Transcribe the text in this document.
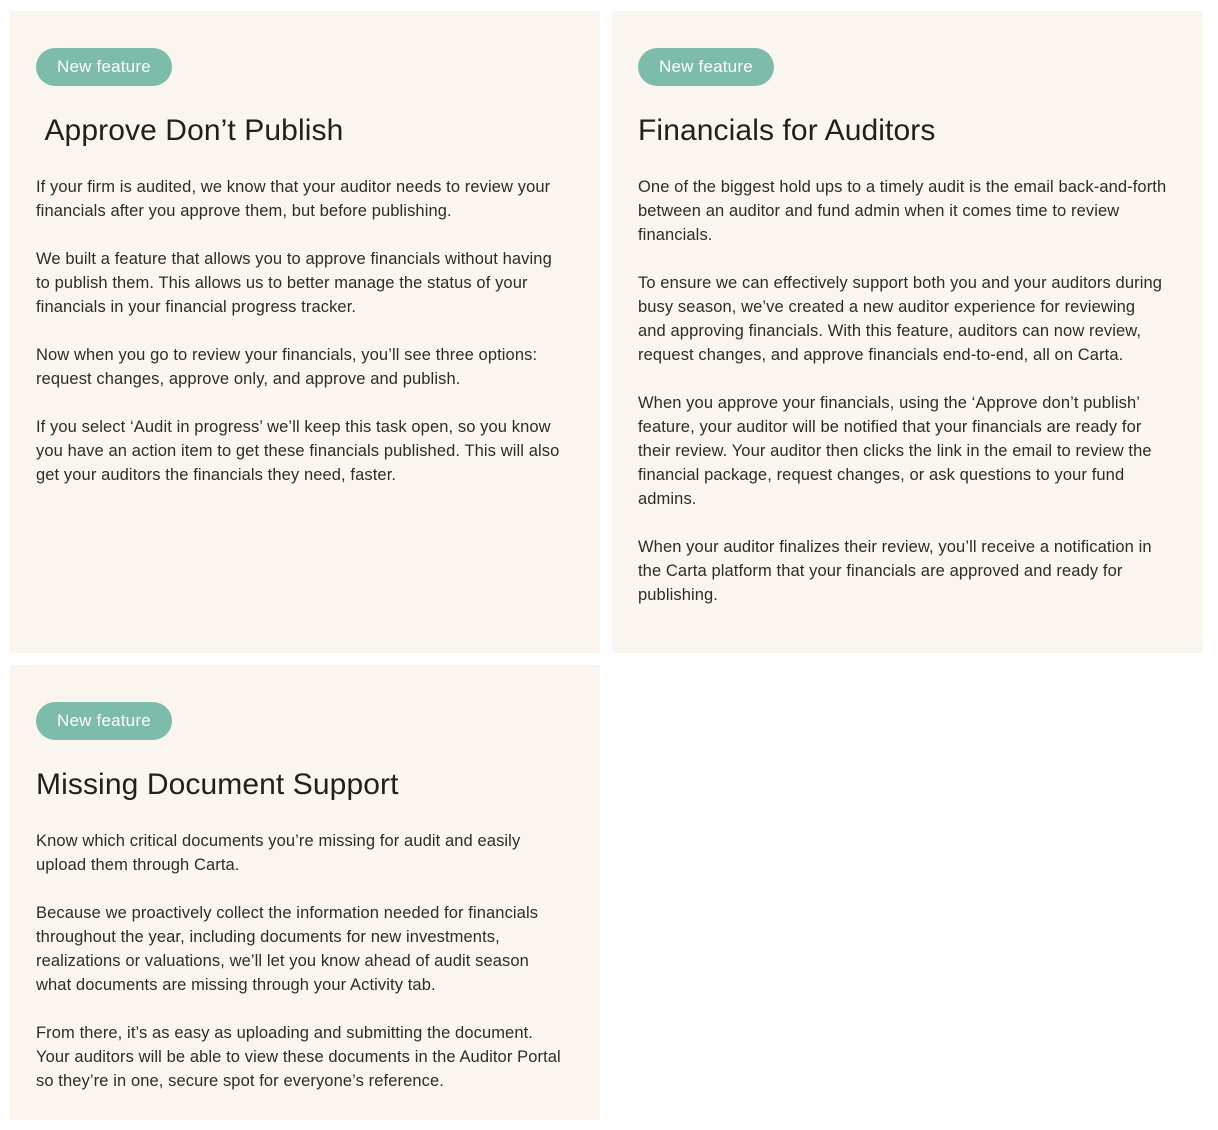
New feature
Approve Don’t Publish

If your firm is audited, we know that your auditor needs to review your financials after you approve them, but before publishing.

We built a feature that allows you to approve financials without having to publish them. This allows us to better manage the status of your financials in your financial progress tracker.

Now when you go to review your financials, you’ll see three options: request changes, approve only, and approve and publish.

If you select ‘Audit in progress’ we’ll keep this task open, so you know you have an action item to get these financials published. This will also get your auditors the financials they need, faster.

New feature
Financials for Auditors

One of the biggest hold ups to a timely audit is the email back-and-forth between an auditor and fund admin when it comes time to review financials.

To ensure we can effectively support both you and your auditors during busy season, we’ve created a new auditor experience for reviewing  and approving financials. With this feature, auditors can now review, request changes, and approve financials end-to-end, all on Carta.

When you approve your financials, using the ‘Approve don’t publish’ feature, your auditor will be notified that your financials are ready for their review. Your auditor then clicks the link in the email to review the financial package, request changes, or ask questions to your fund admins.

When your auditor finalizes their review, you’ll receive a notification in the Carta platform that your financials are approved and ready for publishing.

New feature
Missing Document Support

Know which critical documents you’re missing for audit and easily upload them through Carta.

Because we proactively collect the information needed for financials throughout the year, including documents for new investments, realizations or valuations, we’ll let you know ahead of audit season what documents are missing through your Activity tab.

From there, it’s as easy as uploading and submitting the document. Your auditors will be able to view these documents in the Auditor Portal so they’re in one, secure spot for everyone’s reference.
